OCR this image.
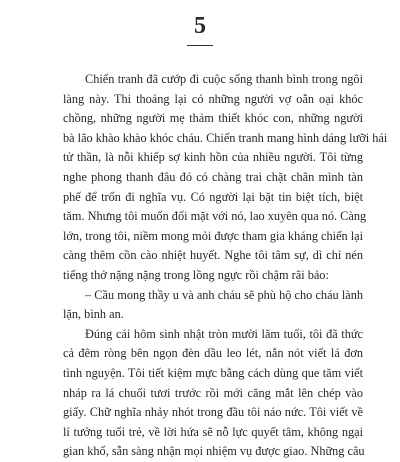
5

Chiến tranh đã cướp đi cuộc sống thanh bình trong ngôi
làng này. Thi thoảng lại có những người vợ oằn oại khóc
chồng, những người mẹ thảm thiết khóc con, những người
bà lão khào khào khóc cháu. Chiến tranh mang hình dáng lưỡi hái
tử thần, là nỗi khiếp sợ kinh hồn của nhiều người. Tôi từng
nghe phong thanh đâu đó có chàng trai chặt chân mình tàn
phế để trốn đi nghĩa vụ. Có người lại bặt tin biệt tích, biệt
tăm. Nhưng tôi muốn đối mặt với nó, lao xuyên qua nó. Càng
lớn, trong tôi, niềm mong mỏi được tham gia kháng chiến lại
càng thêm cồn cào nhiệt huyết. Nghe tôi tâm sự, dì chỉ nén
tiếng thở nặng nặng trong lồng ngực rồi chậm rãi bảo:

– Cầu mong thầy u và anh cháu sẽ phù hộ cho cháu lành
lặn, bình an.

Đúng cái hôm sinh nhật tròn mười lăm tuổi, tôi đã thức
cả đêm ròng bên ngọn đèn dầu leo lét, nắn nót viết lá đơn
tình nguyện. Tôi tiết kiệm mực bằng cách dùng que tăm viết
nháp ra lá chuối tươi trước rồi mới căng mắt lên chép vào
giấy. Chữ nghĩa nhảy nhót trong đầu tôi náo nức. Tôi viết về
lí tưởng tuổi trẻ, về lời hứa sẽ nỗ lực quyết tâm, không ngại
gian khổ, sẵn sàng nhận mọi nhiệm vụ được giao. Những câu
